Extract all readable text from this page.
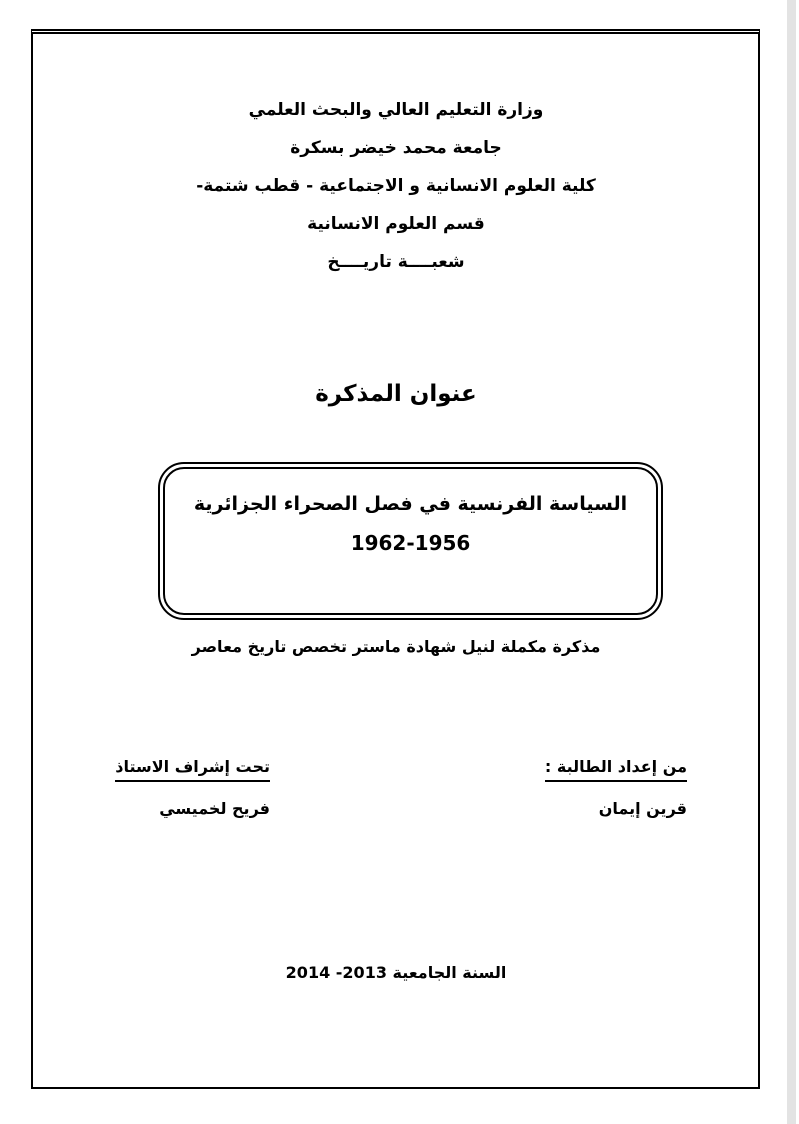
وزارة التعليم العالي والبحث العلمي
جامعة محمد خيضر بسكرة
كلية العلوم الانسانية و الاجتماعية - قطب شتمة-
قسم العلوم الانسانية
شعبــــة تاريــــخ
عنوان المذكرة
السياسة الفرنسية في فصل الصحراء الجزائرية
1962-1956
مذكرة مكملة لنيل شهادة ماستر تخصص تاريخ معاصر
من إعداد الطالبة :
قرين إيمان
تحت إشراف الاستاذ
فريح لخميسي
السنة الجامعية 2013- 2014
